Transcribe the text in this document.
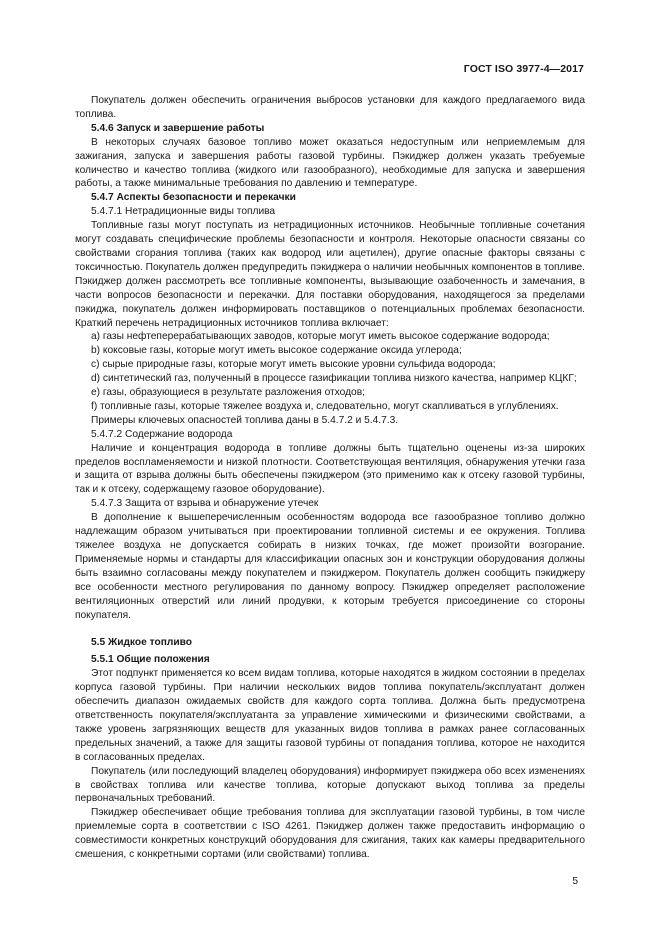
ГОСТ ISO 3977-4—2017

Покупатель должен обеспечить ограничения выбросов установки для каждого предлагаемого вида топлива.

5.4.6 Запуск и завершение работы

В некоторых случаях базовое топливо может оказаться недоступным или неприемлемым для зажигания, запуска и завершения работы газовой турбины. Пэкиджер должен указать требуемые количество и качество топлива (жидкого или газообразного), необходимые для запуска и завершения работы, а также минимальные требования по давлению и температуре.

5.4.7 Аспекты безопасности и перекачки

5.4.7.1 Нетрадиционные виды топлива

Топливные газы могут поступать из нетрадиционных источников. Необычные топливные сочетания могут создавать специфические проблемы безопасности и контроля. Некоторые опасности связаны со свойствами сгорания топлива (таких как водород или ацетилен), другие опасные факторы связаны с токсичностью. Покупатель должен предупредить пэкиджера о наличии необычных компонентов в топливе. Пэкиджер должен рассмотреть все топливные компоненты, вызывающие озабоченность и замечания, в части вопросов безопасности и перекачки. Для поставки оборудования, находящегося за пределами пэкиджа, покупатель должен информировать поставщиков о потенциальных проблемах безопасности. Краткий перечень нетрадиционных источников топлива включает:

a) газы нефтеперерабатывающих заводов, которые могут иметь высокое содержание водорода;

b) коксовые газы, которые могут иметь высокое содержание оксида углерода;

c) сырые природные газы, которые могут иметь высокие уровни сульфида водорода;

d) синтетический газ, полученный в процессе газификации топлива низкого качества, например КЦКГ;

e) газы, образующиеся в результате разложения отходов;

f) топливные газы, которые тяжелее воздуха и, следовательно, могут скапливаться в углублениях.

Примеры ключевых опасностей топлива даны в 5.4.7.2 и 5.4.7.3.

5.4.7.2 Содержание водорода

Наличие и концентрация водорода в топливе должны быть тщательно оценены из-за широких пределов воспламеняемости и низкой плотности. Соответствующая вентиляция, обнаружения утечки газа и защита от взрыва должны быть обеспечены пэкиджером (это применимо как к отсеку газовой турбины, так и к отсеку, содержащему газовое оборудование).

5.4.7.3 Защита от взрыва и обнаружение утечек

В дополнение к вышеперечисленным особенностям водорода все газообразное топливо должно надлежащим образом учитываться при проектировании топливной системы и ее окружения. Топлива тяжелее воздуха не допускается собирать в низких точках, где может произойти возгорание. Применяемые нормы и стандарты для классификации опасных зон и конструкции оборудования должны быть взаимно согласованы между покупателем и пэкиджером. Покупатель должен сообщить пэкиджеру все особенности местного регулирования по данному вопросу. Пэкиджер определяет расположение вентиляционных отверстий или линий продувки, к которым требуется присоединение со стороны покупателя.

5.5 Жидкое топливо

5.5.1 Общие положения

Этот подпункт применяется ко всем видам топлива, которые находятся в жидком состоянии в пределах корпуса газовой турбины. При наличии нескольких видов топлива покупатель/эксплуатант должен обеспечить диапазон ожидаемых свойств для каждого сорта топлива. Должна быть предусмотрена ответственность покупателя/эксплуатанта за управление химическими и физическими свойствами, а также уровень загрязняющих веществ для указанных видов топлива в рамках ранее согласованных предельных значений, а также для защиты газовой турбины от попадания топлива, которое не находится в согласованных пределах.

Покупатель (или последующий владелец оборудования) информирует пэкиджера обо всех изменениях в свойствах топлива или качестве топлива, которые допускают выход топлива за пределы первоначальных требований.

Пэкиджер обеспечивает общие требования топлива для эксплуатации газовой турбины, в том числе приемлемые сорта в соответствии с ISO 4261. Пэкиджер должен также предоставить информацию о совместимости конкретных конструкций оборудования для сжигания, таких как камеры предварительного смешения, с конкретными сортами (или свойствами) топлива.

5
